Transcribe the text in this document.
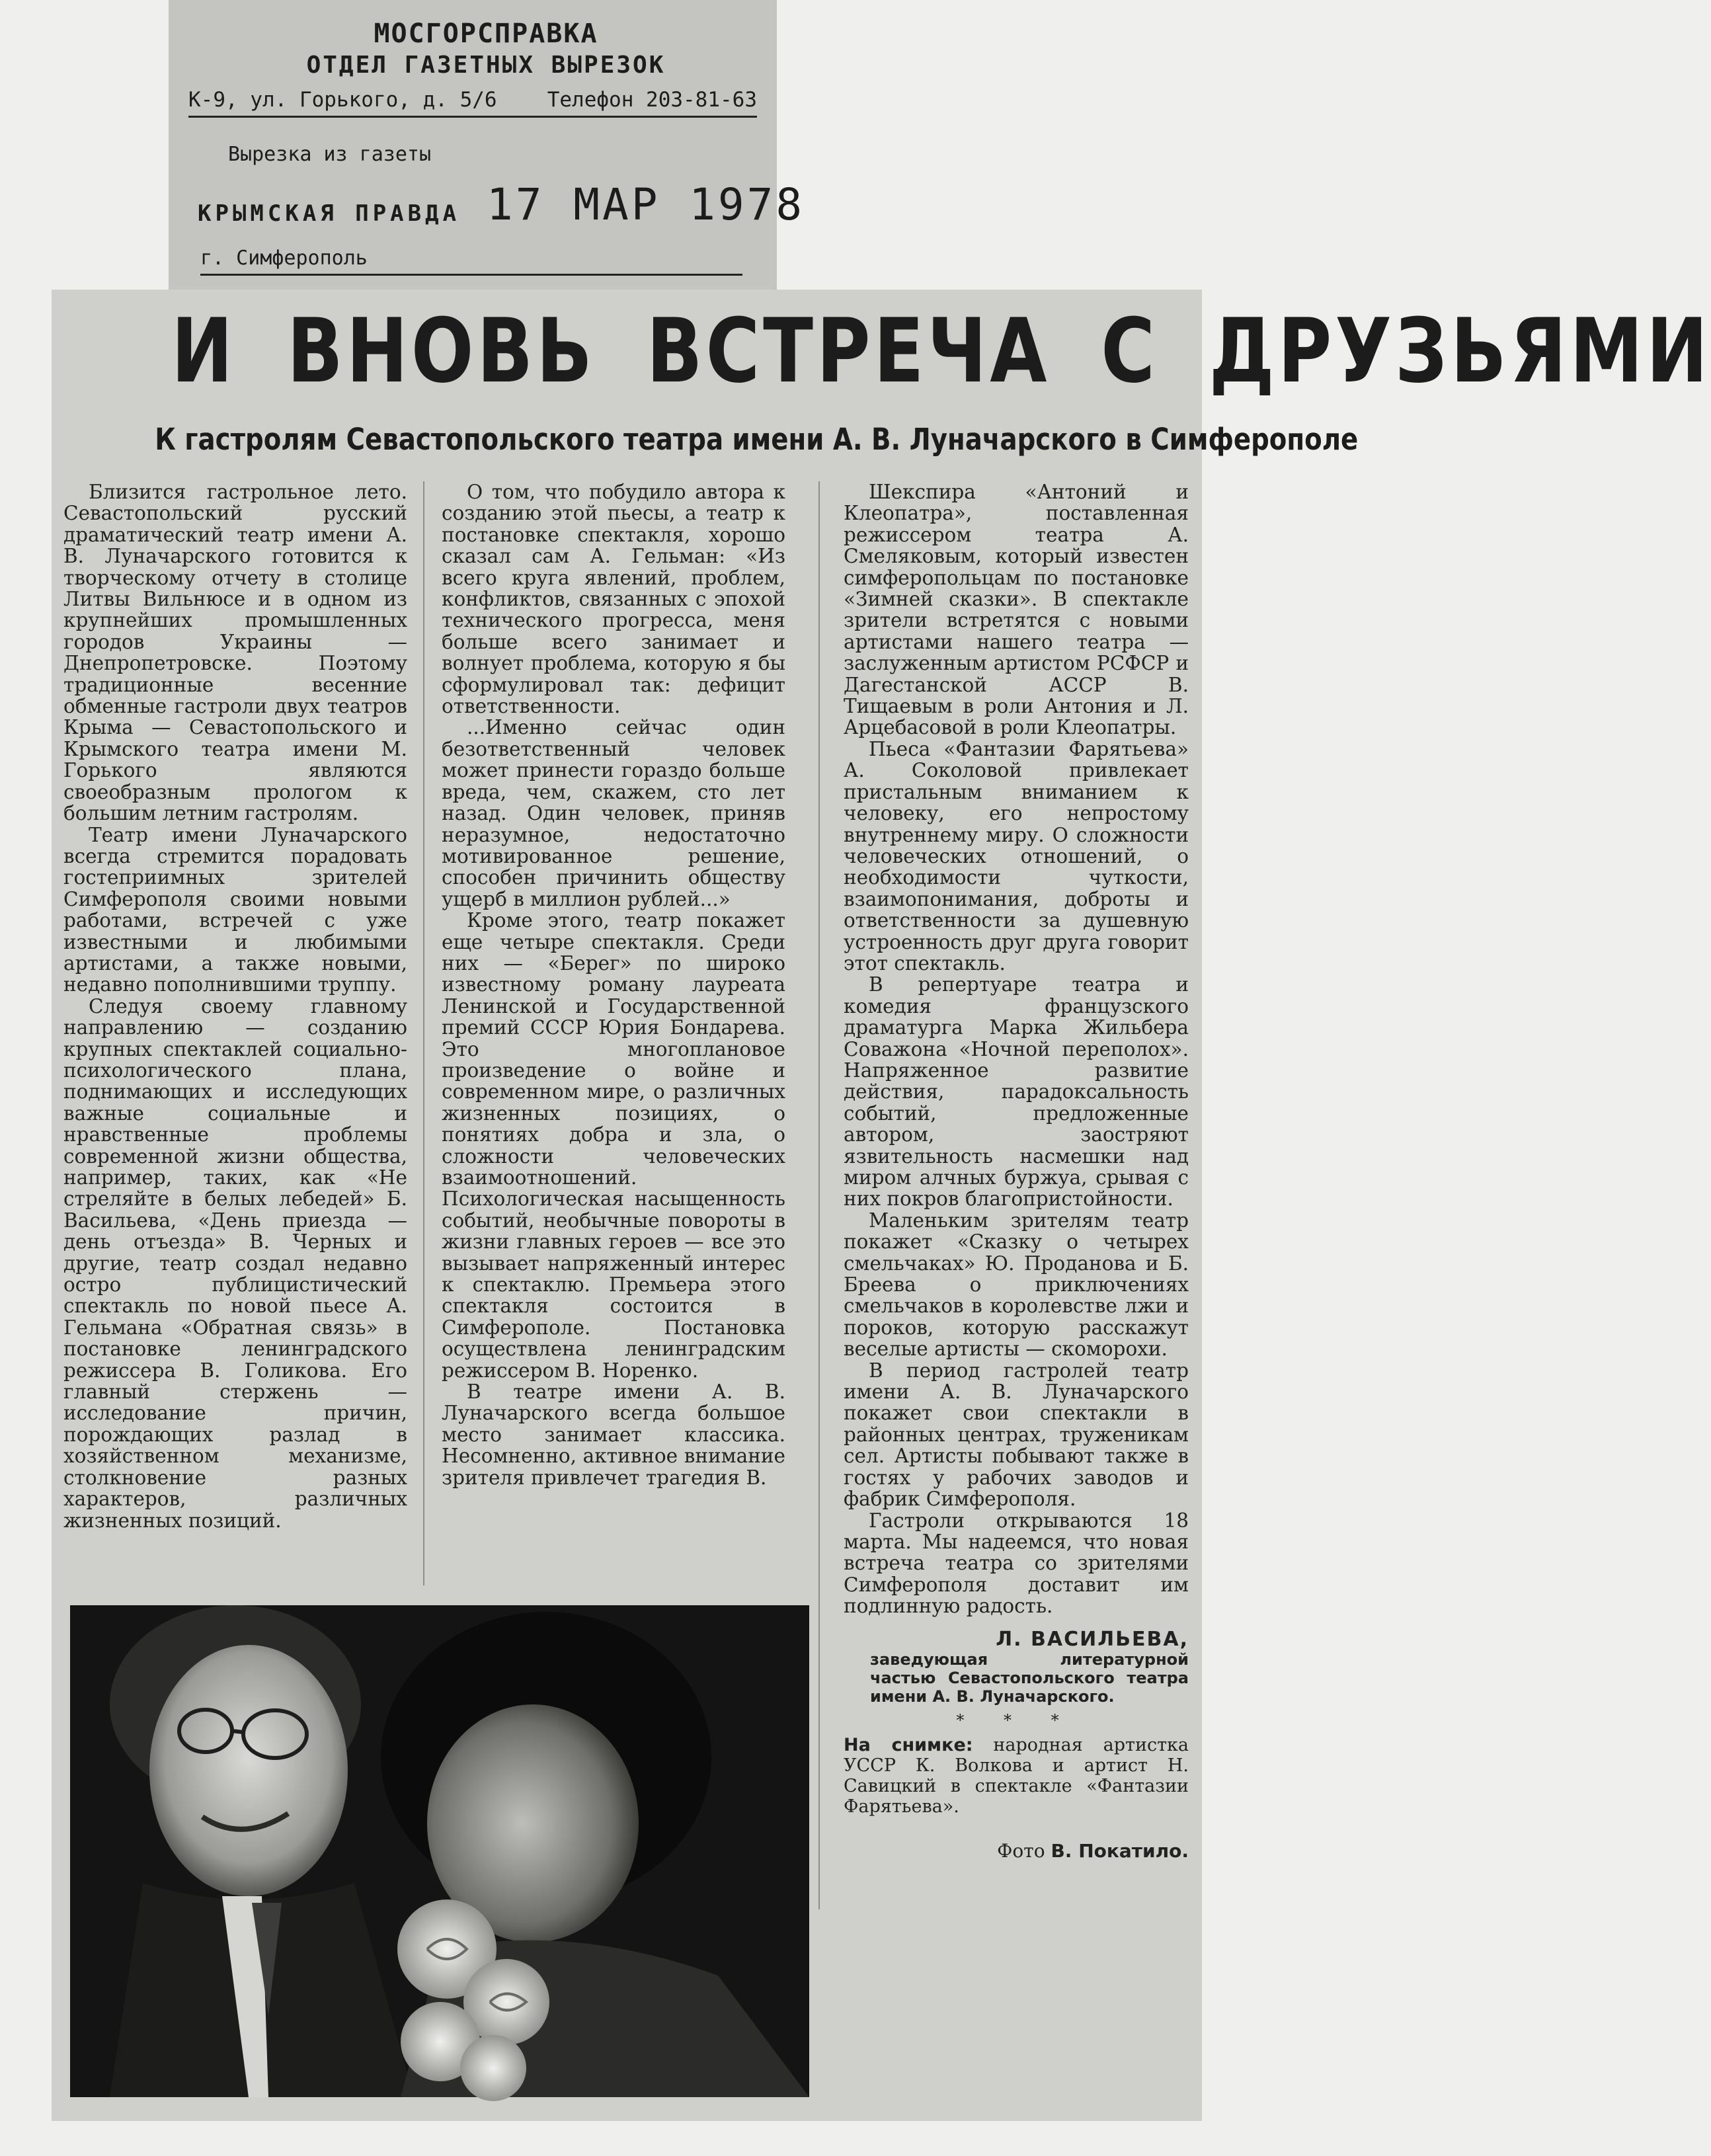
МОСГОРСПРАВКА
ОТДЕЛ ГАЗЕТНЫХ ВЫРЕЗОК
К-9, ул. Горького, д. 5/6 Телефон 203-81-63
Вырезка из газеты
КРЫМСКАЯ ПРАВДА 17 МАР 1978
г. Симферополь
И ВНОВЬ ВСТРЕЧА С ДРУЗЬЯМИ
К гастролям Севастопольского театра имени А. В. Луначарского в Симферополе

Близится гастрольное лето. Севастопольский русский драматический театр имени А. В. Луначарского готовится к творческому отчету в столице Литвы Вильнюсе и в одном из крупнейших промышленных городов Украины — Днепропетровске. Поэтому традиционные весенние обменные гастроли двух театров Крыма — Севастопольского и Крымского театра имени М. Горького являются своеобразным прологом к большим летним гастролям.

Театр имени Луначарского всегда стремится порадовать гостеприимных зрителей Симферополя своими новыми работами, встречей с уже известными и любимыми артистами, а также новыми, недавно пополнившими труппу.

Следуя своему главному направлению — созданию крупных спектаклей социально-психологического плана, поднимающих и исследующих важные социальные и нравственные проблемы современной жизни общества, например, таких, как «Не стреляйте в белых лебедей» Б. Васильева, «День приезда — день отъезда» В. Черных и другие, театр создал недавно остро публицистический спектакль по новой пьесе А. Гельмана «Обратная связь» в постановке ленинградского режиссера В. Голикова. Его главный стержень — исследование причин, порождающих разлад в хозяйственном механизме, столкновение разных характеров, различных жизненных позиций.

О том, что побудило автора к созданию этой пьесы, а театр к постановке спектакля, хорошо сказал сам А. Гельман: «Из всего круга явлений, проблем, конфликтов, связанных с эпохой технического прогресса, меня больше всего занимает и волнует проблема, которую я бы сформулировал так: дефицит ответственности.

...Именно сейчас один безответственный человек может принести гораздо больше вреда, чем, скажем, сто лет назад. Один человек, приняв неразумное, недостаточно мотивированное решение, способен причинить обществу ущерб в миллион рублей...»

Кроме этого, театр покажет еще четыре спектакля. Среди них — «Берег» по широко известному роману лауреата Ленинской и Государственной премий СССР Юрия Бондарева. Это многоплановое произведение о войне и современном мире, о различных жизненных позициях, о понятиях добра и зла, о сложности человеческих взаимоотношений. Психологическая насыщенность событий, необычные повороты в жизни главных героев — все это вызывает напряженный интерес к спектаклю. Премьера этого спектакля состоится в Симферополе. Постановка осуществлена ленинградским режиссером В. Норенко.

В театре имени А. В. Луначарского всегда большое место занимает классика. Несомненно, активное внимание зрителя привлечет трагедия В.

Шекспира «Антоний и Клеопатра», поставленная режиссером театра А. Смеляковым, который известен симферопольцам по постановке «Зимней сказки». В спектакле зрители встретятся с новыми артистами нашего театра — заслуженным артистом РСФСР и Дагестанской АССР В. Тищаевым в роли Антония и Л. Арцебасовой в роли Клеопатры.

Пьеса «Фантазии Фарятьева» А. Соколовой привлекает пристальным вниманием к человеку, его непростому внутреннему миру. О сложности человеческих отношений, о необходимости чуткости, взаимопонимания, доброты и ответственности за душевную устроенность друг друга говорит этот спектакль.

В репертуаре театра и комедия французского драматурга Марка Жильбера Соважона «Ночной переполох». Напряженное развитие действия, парадоксальность событий, предложенные автором, заостряют язвительность насмешки над миром алчных буржуа, срывая с них покров благопристойности.

Маленьким зрителям театр покажет «Сказку о четырех смельчаках» Ю. Проданова и Б. Бреева о приключениях смельчаков в королевстве лжи и пороков, которую расскажут веселые артисты — скоморохи.

В период гастролей театр имени А. В. Луначарского покажет свои спектакли в районных центрах, труженикам сел. Артисты побывают также в гостях у рабочих заводов и фабрик Симферополя.

Гастроли открываются 18 марта. Мы надеемся, что новая встреча театра со зрителями Симферополя доставит им подлинную радость.

Л. ВАСИЛЬЕВА,
заведующая литературной частью Севастопольского театра имени А. В. Луначарского.
* * *
На снимке: народная артистка УССР К. Волкова и артист Н. Савицкий в спектакле «Фантазии Фарятьева».
Фото В. Покатило.
